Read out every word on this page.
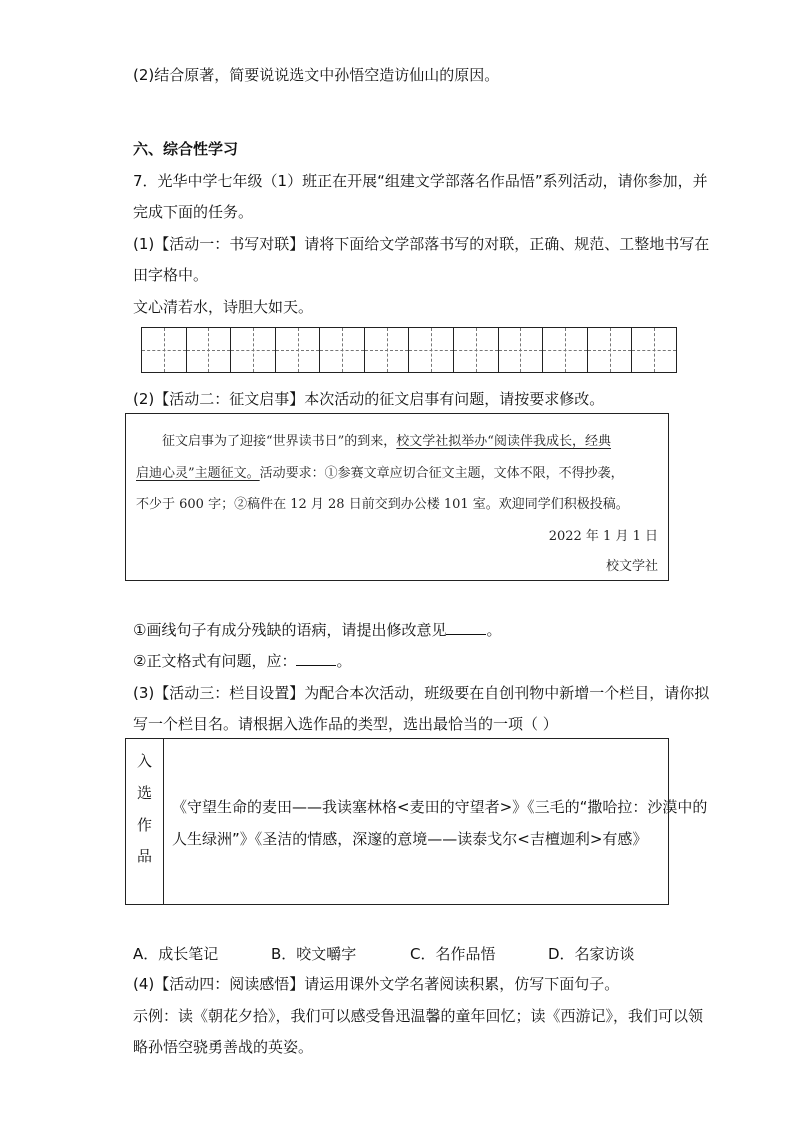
(2)结合原著，简要说说选文中孙悟空造访仙山的原因。
六、综合性学习
7．光华中学七年级（1）班正在开展“组建文学部落名作品悟”系列活动，请你参加，并
完成下面的任务。
(1)【活动一：书写对联】请将下面给文学部落书写的对联，正确、规范、工整地书写在
田字格中。
文心清若水，诗胆大如天。
(2)【活动二：征文启事】本次活动的征文启事有问题，请按要求修改。
征文启事为了迎接“世界读书日”的到来，校文学社拟举办“阅读伴我成长，经典
启迪心灵”主题征文。活动要求：①参赛文章应切合征文主题，文体不限，不得抄袭，
不少于 600 字；②稿件在 12 月 28 日前交到办公楼 101 室。欢迎同学们积极投稿。
2022 年 1 月 1 日
校文学社
①画线句子有成分残缺的语病，请提出修改意见	。
②正文格式有问题，应：	。
(3)【活动三：栏目设置】为配合本次活动，班级要在自创刊物中新增一个栏目，请你拟
写一个栏目名。请根据入选作品的类型，选出最恰当的一项（ ）
入
选
作
品
《守望生命的麦田——我读塞林格<麦田的守望者>》《三毛的“撒哈拉：沙漠中的
人生绿洲”》《圣洁的情感，深邃的意境——读泰戈尔<吉檀迦利>有感》
A．成长笔记	B．咬文嚼字	C．名作品悟	D．名家访谈
(4)【活动四：阅读感悟】请运用课外文学名著阅读积累，仿写下面句子。
示例：读《朝花夕拾》，我们可以感受鲁迅温馨的童年回忆；读《西游记》，我们可以领
略孙悟空骁勇善战的英姿。
